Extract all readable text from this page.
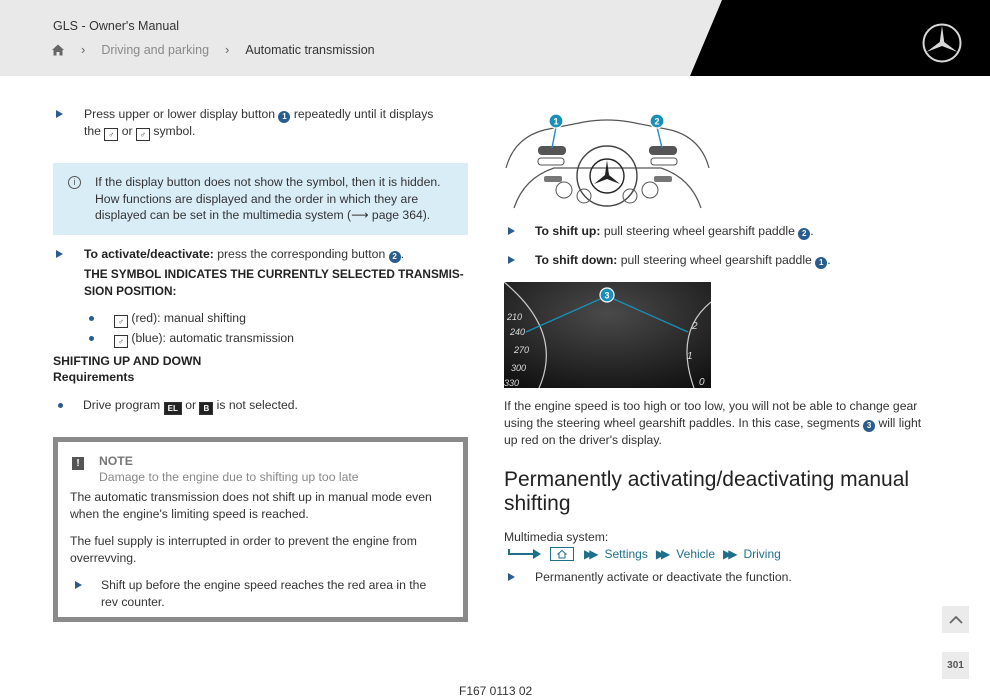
GLS - Owner's Manual
› Driving and parking › Automatic transmission
Press upper or lower display button 1 repeatedly until it displays
the ♂ or ♂ symbol.
i	If the display button does not show the symbol, then it is hidden.
How functions are displayed and the order in which they are
displayed can be set in the multimedia system (⟶ page 364).
To activate/deactivate: press the corresponding button 2 .
THE SYMBOL INDICATES THE CURRENTLY SELECTED TRANSMIS-
SION POSITION:
♂ (red): manual shifting
♂ (blue): automatic transmission
SHIFTING UP AND DOWN
Requirements
Drive program EL or B is not selected.
!	NOTE
Damage to the engine due to shifting up too late
The automatic transmission does not shift up in manual mode even
when the engine's limiting speed is reached.
The fuel supply is interrupted in order to prevent the engine from
overrevving.
Shift up before the engine speed reaches the red area in the
rev counter.
1	2
To shift up: pull steering wheel gearshift paddle 2 .
To shift down: pull steering wheel gearshift paddle 1 .
210
240
270
300
330
2
1
0
3
If the engine speed is too high or too low, you will not be able to change gear
using the steering wheel gearshift paddles. In this case, segments 3 will light
up red on the driver's display.
Permanently activating/deactivating manual
shifting
Multimedia system:
▶▶ Settings ▶▶ Vehicle ▶▶ Driving
Permanently activate or deactivate the function.
301
F167 0113 02
